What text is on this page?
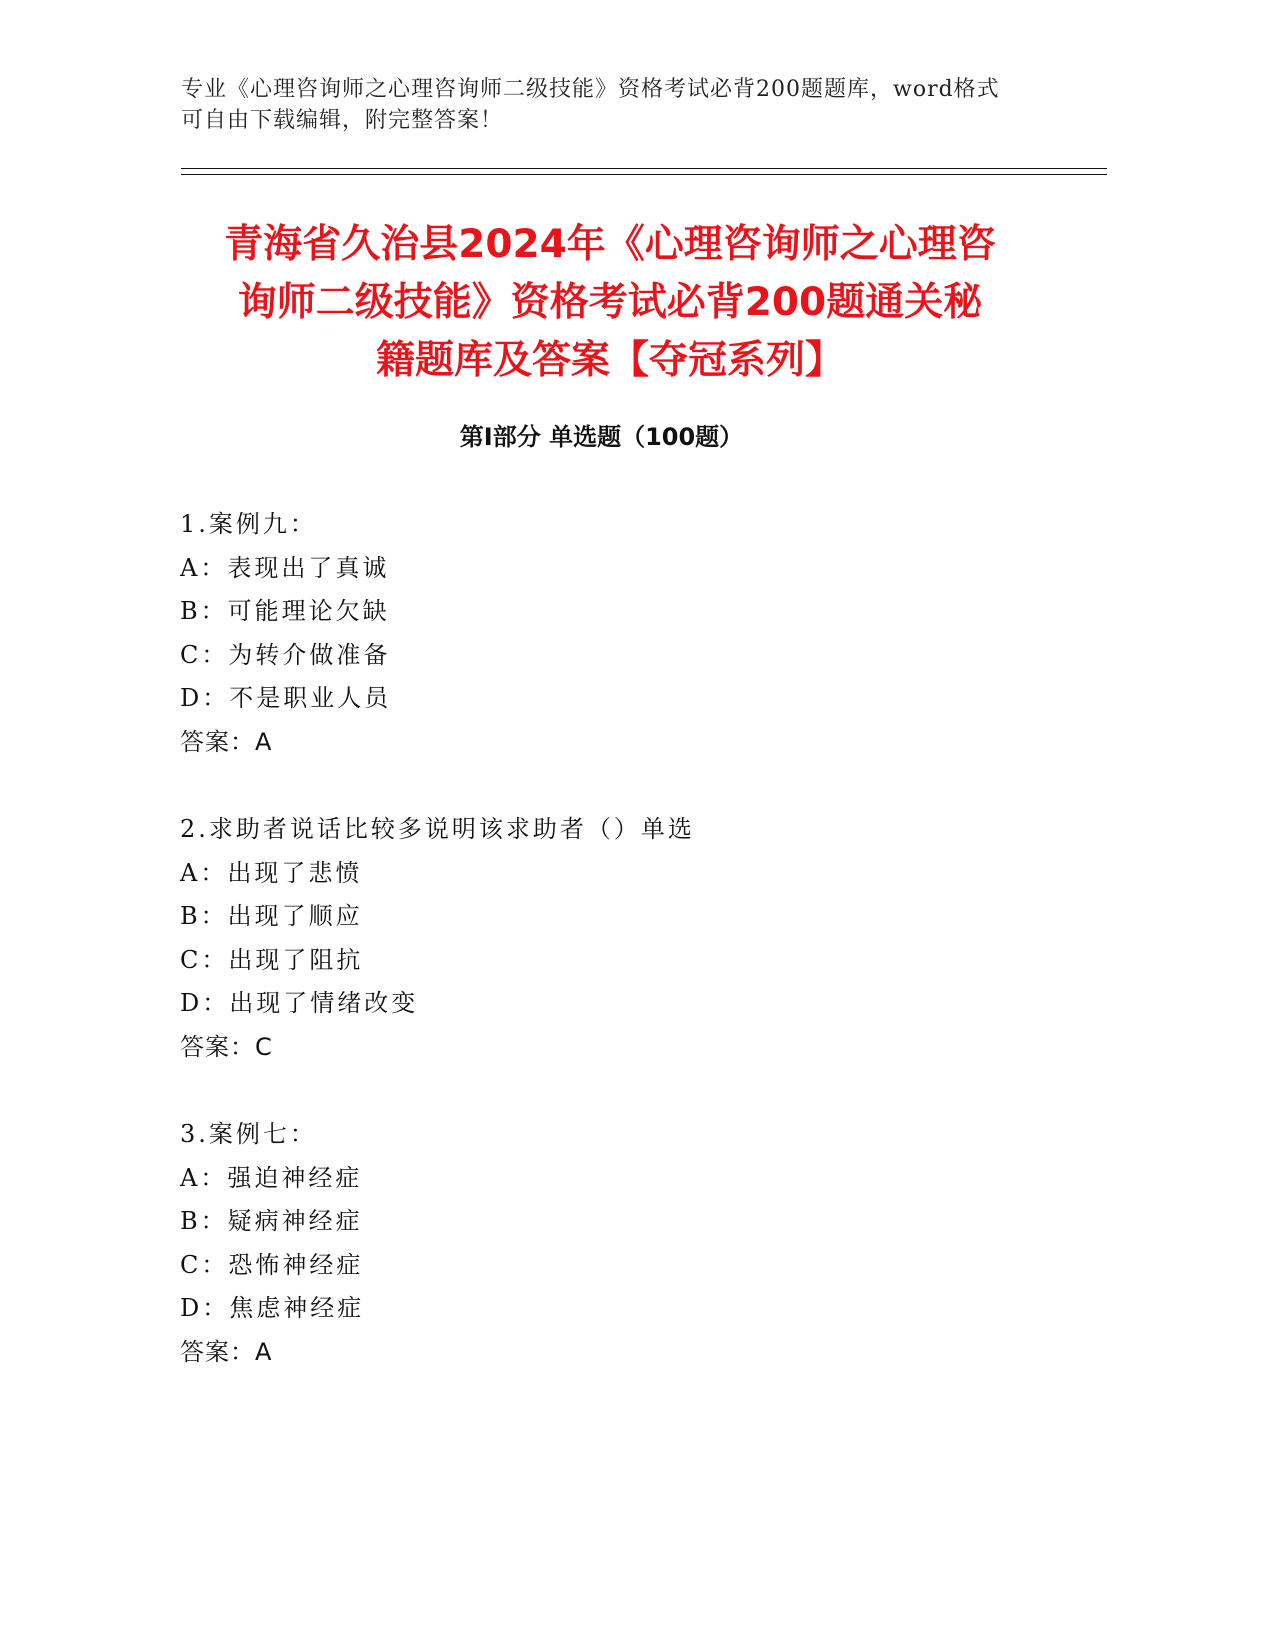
专业《心理咨询师之心理咨询师二级技能》资格考试必背200题题库，word格式

可自由下载编辑，附完整答案！

青海省久治县2024年《心理咨询师之心理咨
询师二级技能》资格考试必背200题通关秘
籍题库及答案【夺冠系列】
第Ⅰ部分 单选题（100题）
1.案例九：
A：表现出了真诚
B：可能理论欠缺
C：为转介做准备
D：不是职业人员
答案：A
2.求助者说话比较多说明该求助者（）单选
A：出现了悲愤
B：出现了顺应
C：出现了阻抗
D：出现了情绪改变
答案：C
3.案例七：
A：强迫神经症
B：疑病神经症
C：恐怖神经症
D：焦虑神经症
答案：A
